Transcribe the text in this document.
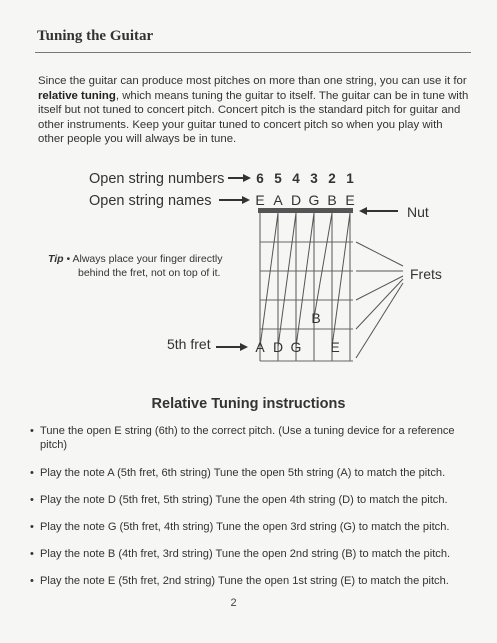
Tuning the Guitar

Since the guitar can produce most pitches on more than one string, you can use it for relative tuning, which means tuning the guitar to itself. The guitar can be in tune with itself but not tuned to concert pitch. Concert pitch is the standard pitch for guitar and other instruments. Keep your guitar tuned to concert pitch so when you play with other people you will always be in tune.

Open string numbers
Open string names
6 5 4 3 2 1
E A D G B E
Nut
Frets
B
A D G E
5th fret
Tip • Always place your finger directly
behind the fret, not on top of it.
Relative Tuning instructions
• Tune the open E string (6th) to the correct pitch. (Use a tuning device for a reference pitch)
• Play the note A (5th fret, 6th string) Tune the open 5th string (A) to match the pitch.
• Play the note D (5th fret, 5th string) Tune the open 4th string (D) to match the pitch.
• Play the note G (5th fret, 4th string) Tune the open 3rd string (G) to match the pitch.
• Play the note B (4th fret, 3rd string) Tune the open 2nd string (B) to match the pitch.
• Play the note E (5th fret, 2nd string) Tune the open 1st string (E) to match the pitch.
2
